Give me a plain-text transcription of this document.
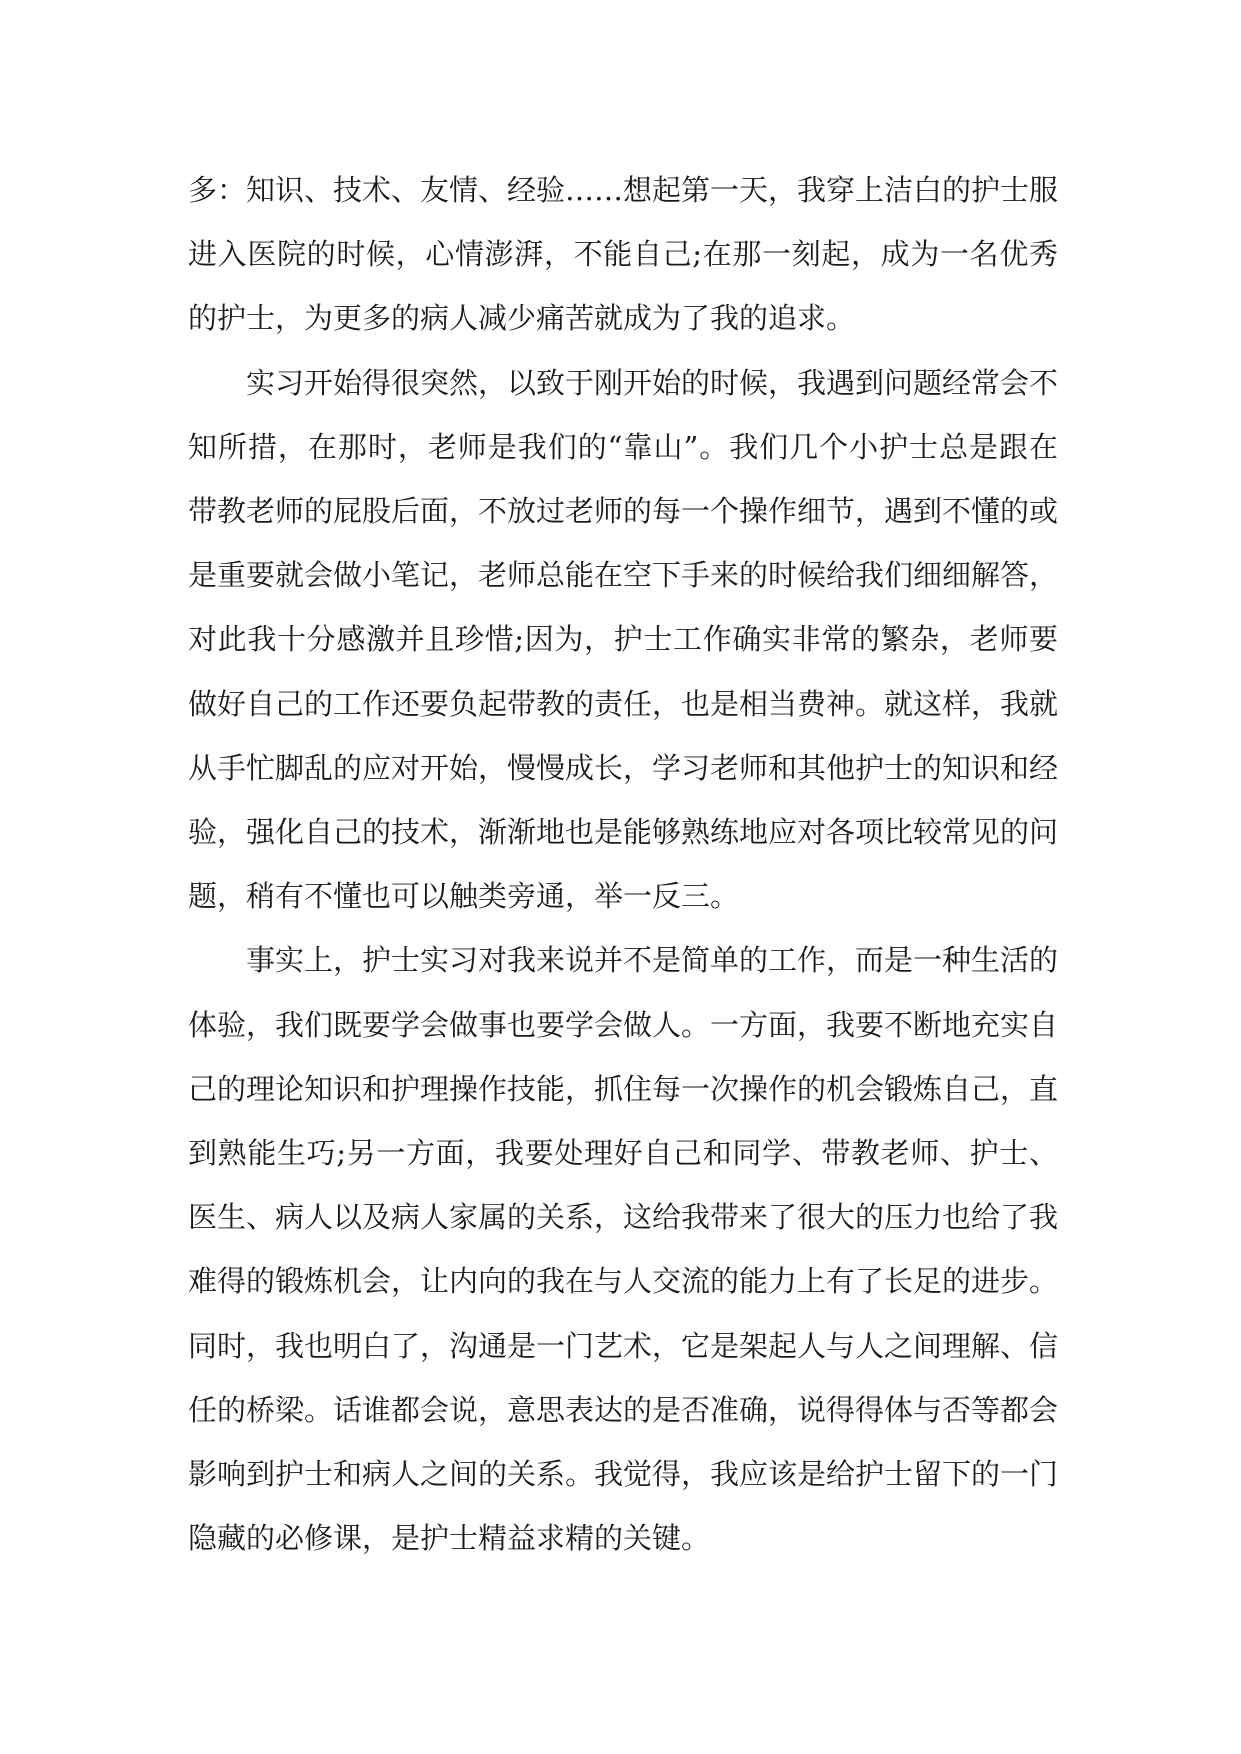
多：知识、技术、友情、经验……想起第一天，我穿上洁白的护士服进入医院的时候，心情澎湃，不能自己;在那一刻起，成为一名优秀的护士，为更多的病人减少痛苦就成为了我的追求。

实习开始得很突然，以致于刚开始的时候，我遇到问题经常会不知所措，在那时，老师是我们的“靠山”。我们几个小护士总是跟在带教老师的屁股后面，不放过老师的每一个操作细节，遇到不懂的或是重要就会做小笔记，老师总能在空下手来的时候给我们细细解答，对此我十分感激并且珍惜;因为，护士工作确实非常的繁杂，老师要做好自己的工作还要负起带教的责任，也是相当费神。就这样，我就从手忙脚乱的应对开始，慢慢成长，学习老师和其他护士的知识和经验，强化自己的技术，渐渐地也是能够熟练地应对各项比较常见的问题，稍有不懂也可以触类旁通，举一反三。

事实上，护士实习对我来说并不是简单的工作，而是一种生活的体验，我们既要学会做事也要学会做人。一方面，我要不断地充实自己的理论知识和护理操作技能，抓住每一次操作的机会锻炼自己，直到熟能生巧;另一方面，我要处理好自己和同学、带教老师、护士、医生、病人以及病人家属的关系，这给我带来了很大的压力也给了我难得的锻炼机会，让内向的我在与人交流的能力上有了长足的进步。同时，我也明白了，沟通是一门艺术，它是架起人与人之间理解、信任的桥梁。话谁都会说，意思表达的是否准确，说得得体与否等都会影响到护士和病人之间的关系。我觉得，我应该是给护士留下的一门隐藏的必修课，是护士精益求精的关键。
